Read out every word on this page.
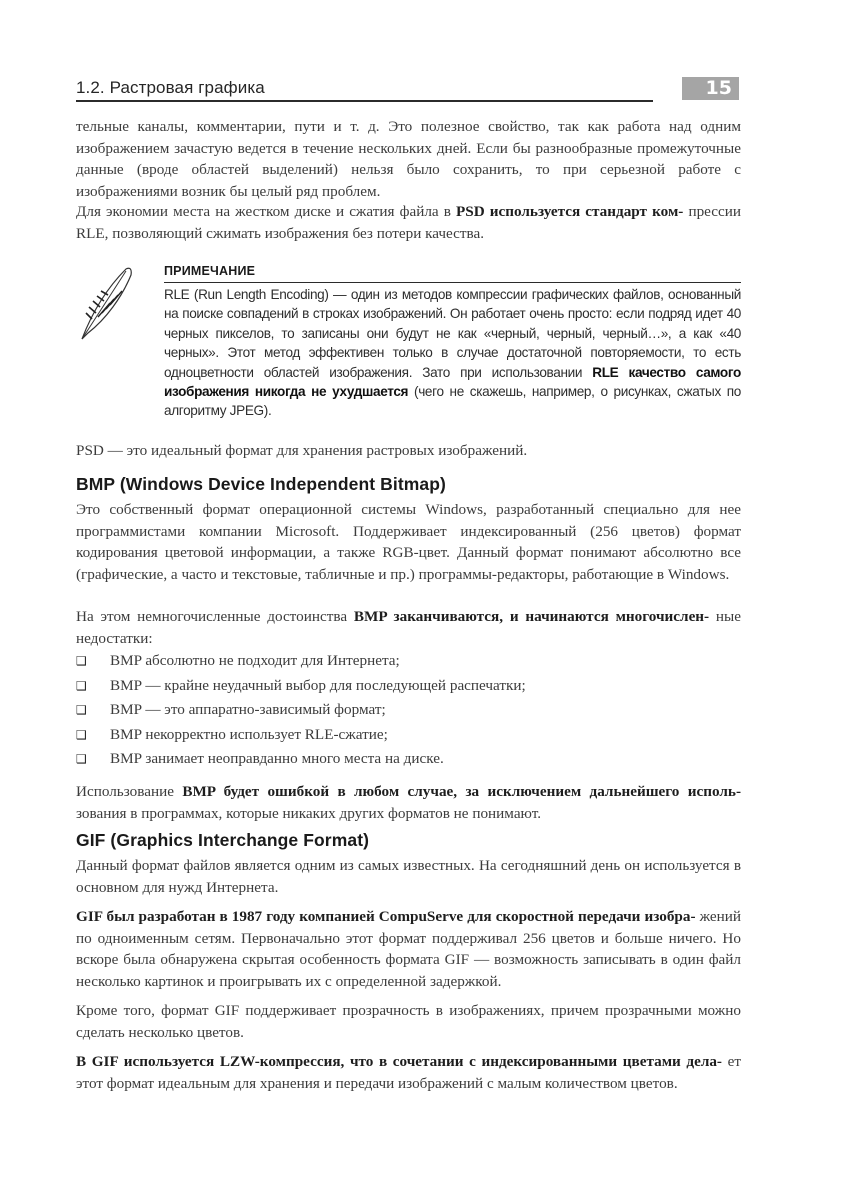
1.2. Растровая графика	15

тельные каналы, комментарии, пути и т. д. Это полезное свойство, так как работа над одним изображением зачастую ведется в течение нескольких дней. Если бы разнообразные промежуточные данные (вроде областей выделений) нельзя было сохранить, то при серьезной работе с изображениями возник бы целый ряд проблем.

Для экономии места на жестком диске и сжатия файла в PSD используется стандарт ком- прессии RLE, позволяющий сжимать изображения без потери качества.

ПРИМЕЧАНИЕ

RLE (Run Length Encoding) — один из методов компрессии графических файлов, основанный на поиске совпадений в строках изображений. Он работает очень просто: если подряд идет 40 черных пикселов, то записаны они будут не как «черный, черный, черный…», а как «40 черных». Этот метод эффективен только в случае достаточной повторяемости, то есть одноцветности областей изображения. Зато при использовании RLE качество самого изображения никогда не ухудшается (чего не скажешь, например, о рисунках, сжатых по алгоритму JPEG).

PSD — это идеальный формат для хранения растровых изображений.

BMP (Windows Device Independent Bitmap)

Это собственный формат операционной системы Windows, разработанный специально для нее программистами компании Microsoft. Поддерживает индексированный (256 цветов) формат кодирования цветовой информации, а также RGB-цвет. Данный формат понимают абсолютно все (графические, а часто и текстовые, табличные и пр.) программы-редакторы, работающие в Windows.

На этом немногочисленные достоинства BMP заканчиваются, и начинаются многочислен- ные недостатки:

❑ BMP абсолютно не подходит для Интернета;
❑ BMP — крайне неудачный выбор для последующей распечатки;
❑ BMP — это аппаратно-зависимый формат;
❑ BMP некорректно использует RLE-сжатие;
❑ BMP занимает неоправданно много места на диске.

Использование BMP будет ошибкой в любом случае, за исключением дальнейшего исполь- зования в программах, которые никаких других форматов не понимают.

GIF (Graphics Interchange Format)

Данный формат файлов является одним из самых известных. На сегодняшний день он используется в основном для нужд Интернета.

GIF был разработан в 1987 году компанией CompuServe для скоростной передачи изобра- жений по одноименным сетям. Первоначально этот формат поддерживал 256 цветов и больше ничего. Но вскоре была обнаружена скрытая особенность формата GIF — возможность записывать в один файл несколько картинок и проигрывать их с определенной задержкой.

Кроме того, формат GIF поддерживает прозрачность в изображениях, причем прозрачными можно сделать несколько цветов.

В GIF используется LZW-компрессия, что в сочетании с индексированными цветами дела- ет этот формат идеальным для хранения и передачи изображений с малым количеством цветов.
